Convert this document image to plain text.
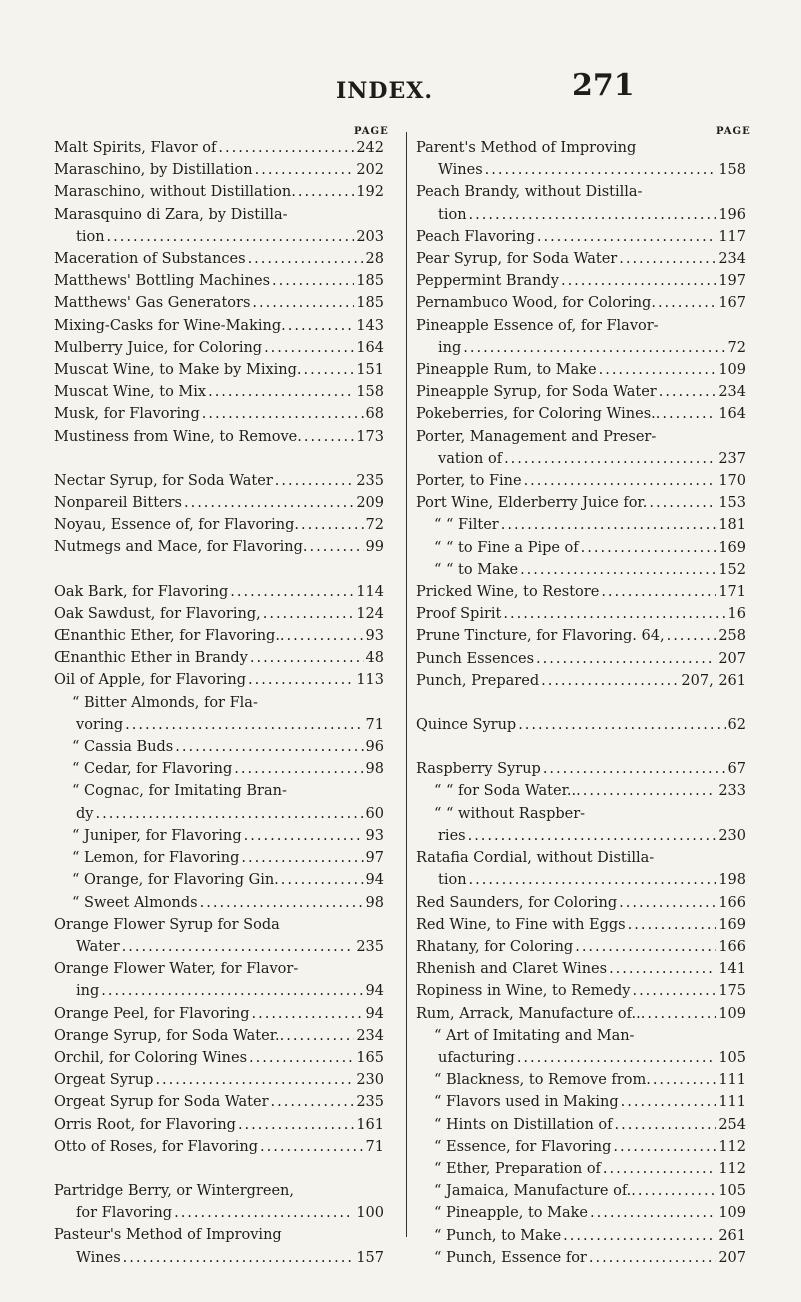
INDEX.	271
PAGE	PAGE
Malt Spirits, Flavor of .....	242
Maraschino, by Distillation .....	202
Maraschino, without Distillation. .....	192
Marasquino di Zara, by Distilla-
tion .....	203
Maceration of Substances .....	28
Matthews' Bottling Machines .....	185
Matthews' Gas Generators .....	185
Mixing-Casks for Wine-Making. .....	143
Mulberry Juice, for Coloring .....	164
Muscat Wine, to Make by Mixing. .....	151
Muscat Wine, to Mix .....	158
Musk, for Flavoring .....	68
Mustiness from Wine, to Remove. .....	173
Nectar Syrup, for Soda Water .....	235
Nonpareil Bitters .....	209
Noyau, Essence of, for Flavoring. .....	72
Nutmegs and Mace, for Flavoring. .....	99
Oak Bark, for Flavoring .....	114
Oak Sawdust, for Flavoring, .....	124
Œnanthic Ether, for Flavoring.. .....	93
Œnanthic Ether in Brandy .....	48
Oil of Apple, for Flavoring .....	113
“ Bitter Almonds, for Fla-
voring .....	71
“ Cassia Buds .....	96
“ Cedar, for Flavoring .....	98
“ Cognac, for Imitating Bran-
dy .....	60
“ Juniper, for Flavoring .....	93
“ Lemon, for Flavoring .....	97
“ Orange, for Flavoring Gin. .....	94
“ Sweet Almonds .....	98
Orange Flower Syrup for Soda
Water .....	235
Orange Flower Water, for Flavor-
ing .....	94
Orange Peel, for Flavoring .....	94
Orange Syrup, for Soda Water.. .....	234
Orchil, for Coloring Wines .....	165
Orgeat Syrup .....	230
Orgeat Syrup for Soda Water .....	235
Orris Root, for Flavoring .....	161
Otto of Roses, for Flavoring .....	71
Partridge Berry, or Wintergreen,
for Flavoring .....	100
Pasteur's Method of Improving
Wines .....	157
Parent's Method of Improving
Wines .....	158
Peach Brandy, without Distilla-
tion .....	196
Peach Flavoring .....	117
Pear Syrup, for Soda Water .....	234
Peppermint Brandy .....	197
Pernambuco Wood, for Coloring. .....	167
Pineapple Essence of, for Flavor-
ing .....	72
Pineapple Rum, to Make .....	109
Pineapple Syrup, for Soda Water .....	234
Pokeberries, for Coloring Wines.. .....	164
Porter, Management and Preser-
vation of .....	237
Porter, to Fine .....	170
Port Wine, Elderberry Juice for. .....	153
“ “ Filter .....	181
“ “ to Fine a Pipe of .....	169
“ “ to Make .....	152
Pricked Wine, to Restore .....	171
Proof Spirit .....	16
Prune Tincture, for Flavoring. 64, .....	258
Punch Essences .....	207
Punch, Prepared .....	207, 261
Quince Syrup .....	62
Raspberry Syrup .....	67
“ “ for Soda Water... .....	233
“ “ without Raspber-
ries .....	230
Ratafia Cordial, without Distilla-
tion .....	198
Red Saunders, for Coloring .....	166
Red Wine, to Fine with Eggs .....	169
Rhatany, for Coloring .....	166
Rhenish and Claret Wines .....	141
Ropiness in Wine, to Remedy .....	175
Rum, Arrack, Manufacture of... .....	109
“ Art of Imitating and Man-
ufacturing .....	105
“ Blackness, to Remove from. .....	111
“ Flavors used in Making .....	111
“ Hints on Distillation of .....	254
“ Essence, for Flavoring .....	112
“ Ether, Preparation of .....	112
“ Jamaica, Manufacture of.. .....	105
“ Pineapple, to Make .....	109
“ Punch, to Make .....	261
“ Punch, Essence for .....	207
